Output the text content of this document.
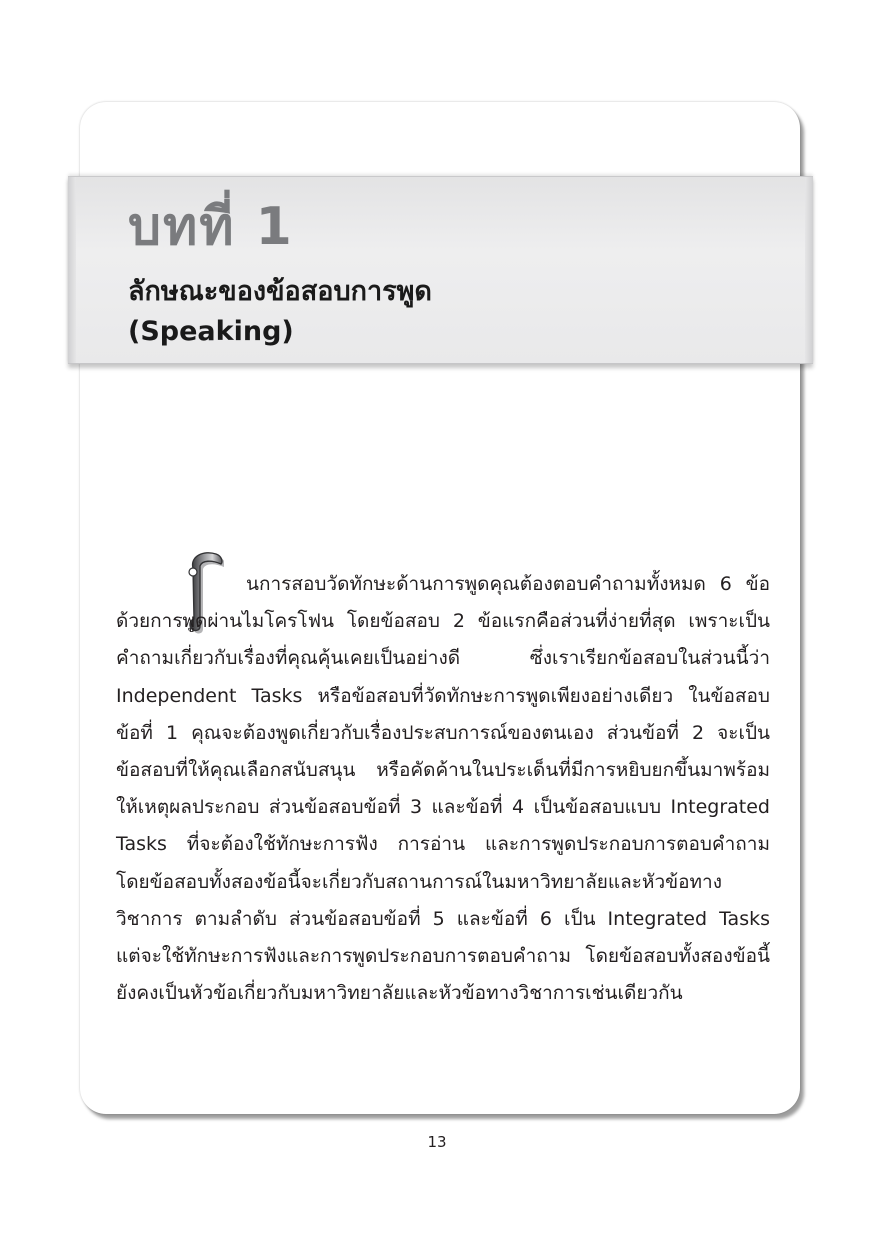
บทที่ 1
ลักษณะของข้อสอบการพูด
(Speaking)

นการสอบวัดทักษะด้านการพูดคุณต้องตอบคำถามทั้งหมด 6 ข้อด้วยการพูดผ่านไมโครโฟน โดยข้อสอบ 2 ข้อแรกคือส่วนที่ง่ายที่สุด เพราะเป็นคำถามเกี่ยวกับเรื่องที่คุณคุ้นเคยเป็นอย่างดี ซึ่งเราเรียกข้อสอบในส่วนนี้ว่า Independent Tasks หรือข้อสอบที่วัดทักษะการพูดเพียงอย่างเดียว ในข้อสอบข้อที่ 1 คุณจะต้องพูดเกี่ยวกับเรื่องประสบการณ์ของตนเอง ส่วนข้อที่ 2 จะเป็นข้อสอบที่ให้คุณเลือกสนับสนุน หรือคัดค้านในประเด็นที่มีการหยิบยกขึ้นมาพร้อมให้เหตุผลประกอบ ส่วนข้อสอบข้อที่ 3 และข้อที่ 4 เป็นข้อสอบแบบ Integrated Tasks ที่จะต้องใช้ทักษะการฟัง การอ่าน และการพูดประกอบการตอบคำถาม โดยข้อสอบทั้งสองข้อนี้จะเกี่ยวกับสถานการณ์ในมหาวิทยาลัยและหัวข้อทางวิชาการ ตามลำดับ ส่วนข้อสอบข้อที่ 5 และข้อที่ 6 เป็น Integrated Tasks แต่จะใช้ทักษะการฟังและการพูดประกอบการตอบคำถาม โดยข้อสอบทั้งสองข้อนี้ยังคงเป็นหัวข้อเกี่ยวกับมหาวิทยาลัยและหัวข้อทางวิชาการเช่นเดียวกัน

13
